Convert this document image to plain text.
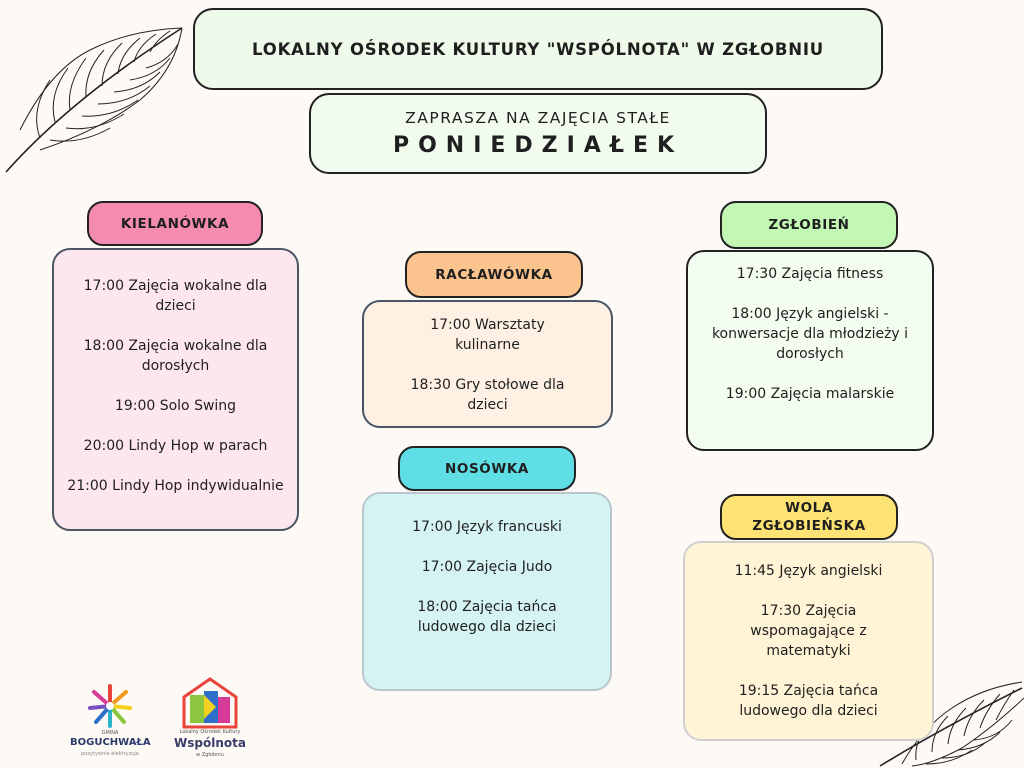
LOKALNY OŚRODEK KULTURY "WSPÓLNOTA" W ZGŁOBNIU
ZAPRASZA NA ZAJĘCIA STAŁE
PONIEDZIAŁEK
KIELANÓWKA
17:00 Zajęcia wokalne dla dzieci
18:00 Zajęcia wokalne dla dorosłych
19:00 Solo Swing
20:00 Lindy Hop w parach
21:00 Lindy Hop indywidualnie
RACŁAWÓWKA
17:00 Warsztaty kulinarne
18:30 Gry stołowe dla dzieci
NOSÓWKA
17:00 Język francuski
17:00 Zajęcia Judo
18:00 Zajęcia tańca ludowego dla dzieci
ZGŁOBIEŃ
17:30 Zajęcia fitness
18:00 Język angielski - konwersacje dla młodzieży i dorosłych
19:00 Zajęcia malarskie
WOLA ZGŁOBIEŃSKA
11:45 Język angielski
17:30 Zajęcia wspomagające z matematyki
19:15 Zajęcia tańca ludowego dla dzieci
GMINA
BOGUCHWAŁA
pozytywnie elektryzuje
Lokalny Ośrodek Kultury
Wspólnota
w Zgłobniu
